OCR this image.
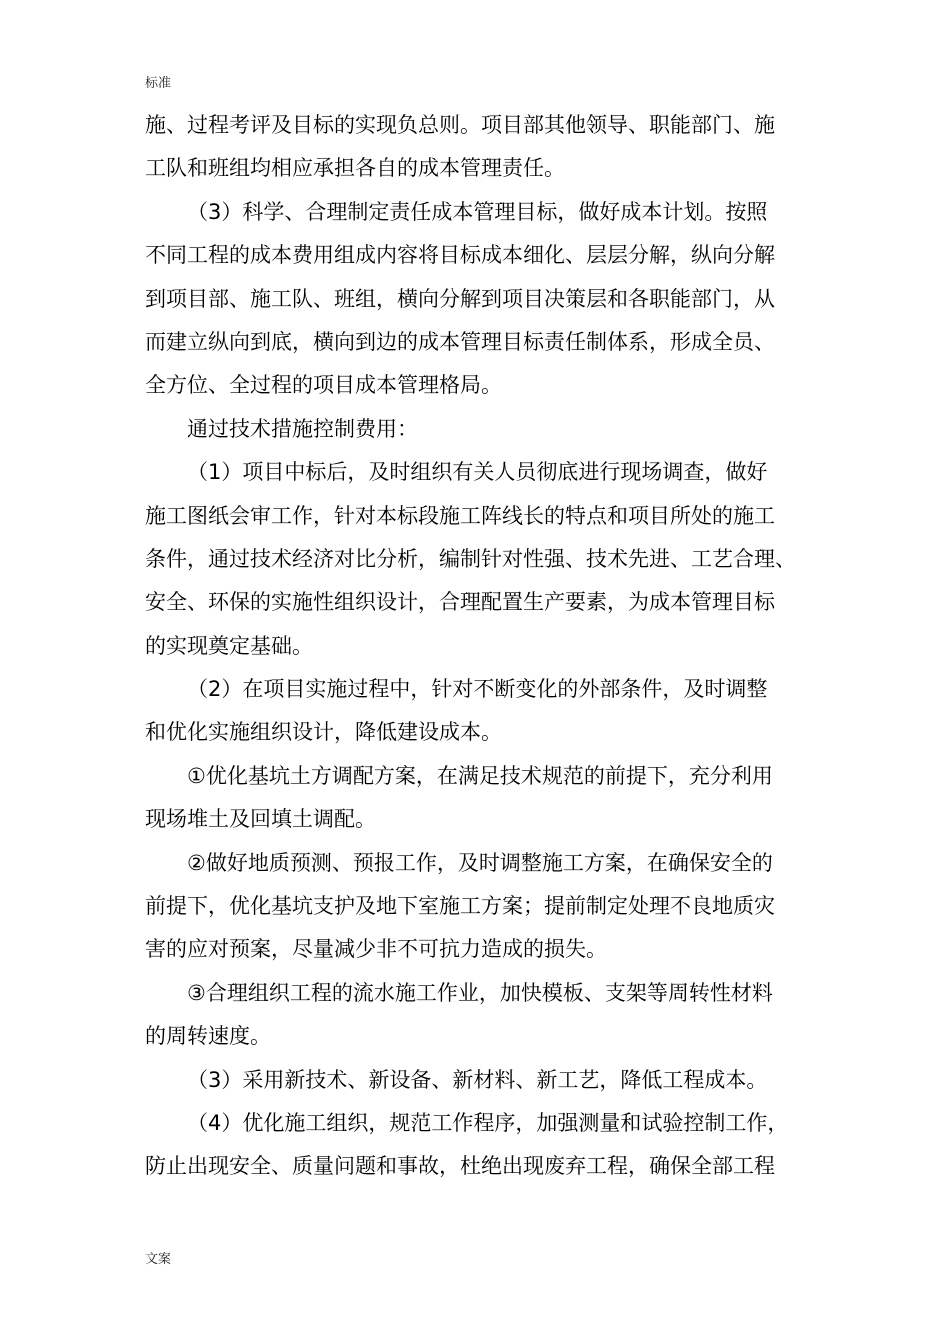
标准
施、过程考评及目标的实现负总则。项目部其他领导、职能部门、施
工队和班组均相应承担各自的成本管理责任。
（3）科学、合理制定责任成本管理目标，做好成本计划。按照
不同工程的成本费用组成内容将目标成本细化、层层分解，纵向分解
到项目部、施工队、班组，横向分解到项目决策层和各职能部门，从
而建立纵向到底，横向到边的成本管理目标责任制体系，形成全员、
全方位、全过程的项目成本管理格局。
通过技术措施控制费用：
（1）项目中标后，及时组织有关人员彻底进行现场调查，做好
施工图纸会审工作，针对本标段施工阵线长的特点和项目所处的施工
条件，通过技术经济对比分析，编制针对性强、技术先进、工艺合理、
安全、环保的实施性组织设计，合理配置生产要素，为成本管理目标
的实现奠定基础。
（2）在项目实施过程中，针对不断变化的外部条件，及时调整
和优化实施组织设计，降低建设成本。
①优化基坑土方调配方案，在满足技术规范的前提下，充分利用
现场堆土及回填土调配。
②做好地质预测、预报工作，及时调整施工方案，在确保安全的
前提下，优化基坑支护及地下室施工方案；提前制定处理不良地质灾
害的应对预案，尽量减少非不可抗力造成的损失。
③合理组织工程的流水施工作业，加快模板、支架等周转性材料
的周转速度。
（3）采用新技术、新设备、新材料、新工艺，降低工程成本。
（4）优化施工组织，规范工作程序，加强测量和试验控制工作，
防止出现安全、质量问题和事故，杜绝出现废弃工程，确保全部工程
文案
